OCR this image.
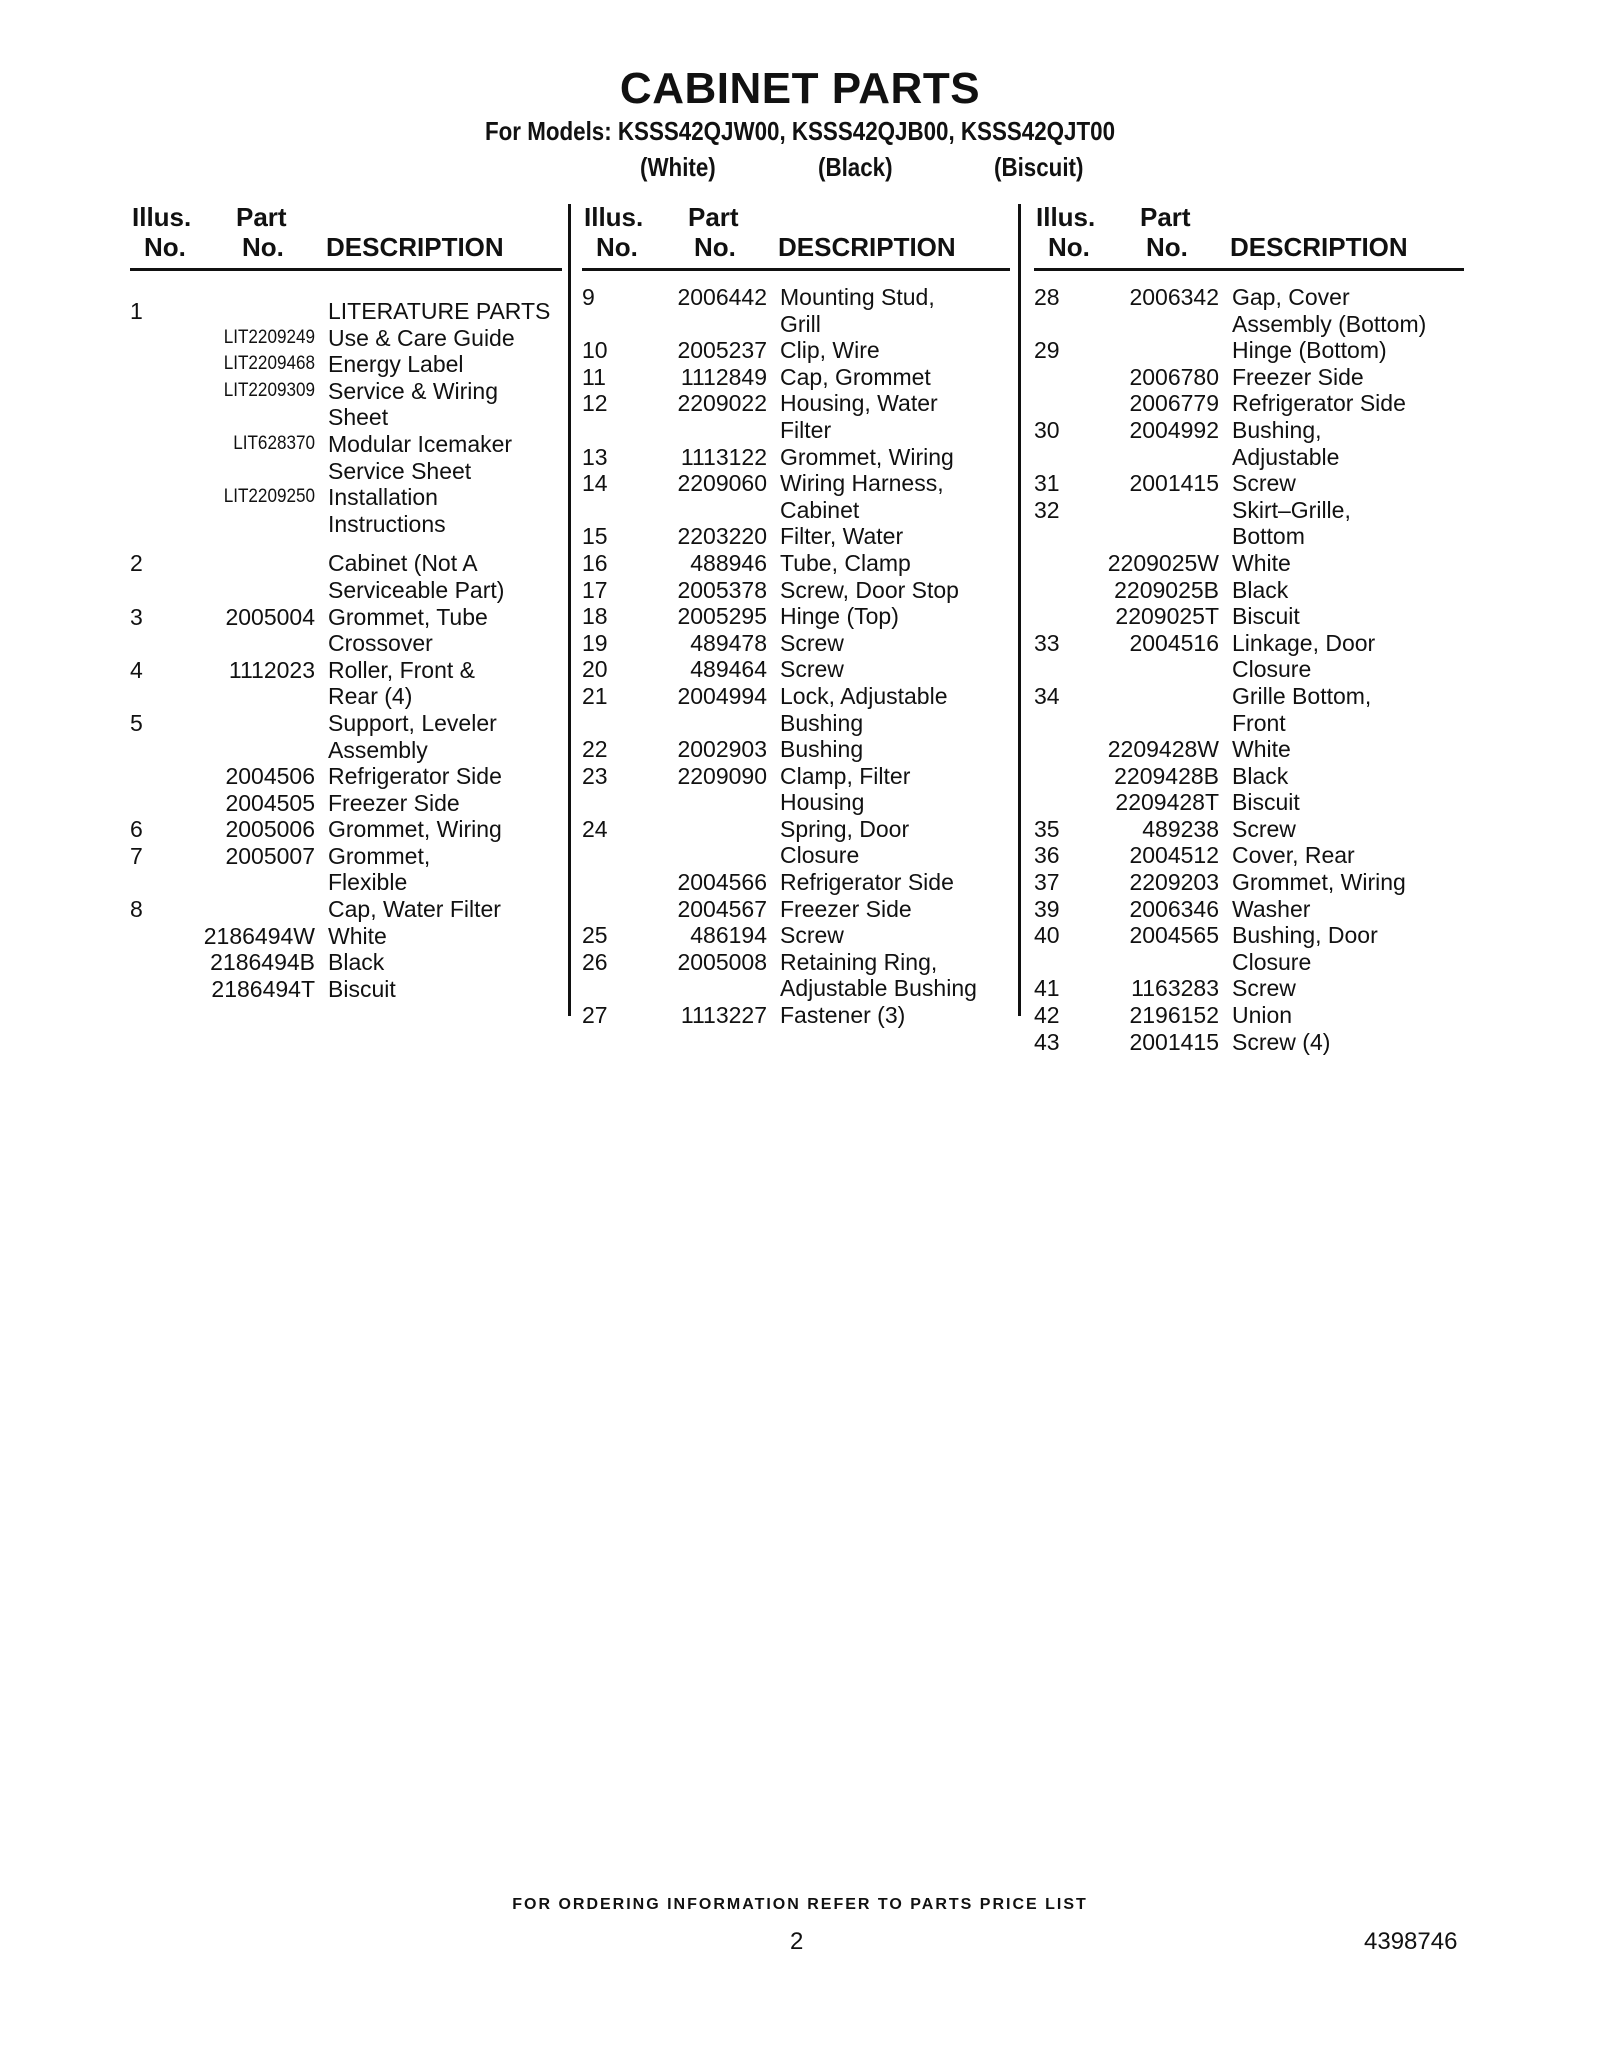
CABINET PARTS
For Models: KSSS42QJW00, KSSS42QJB00, KSSS42QJT00
(White)	(Black)	(Biscuit)
Illus.
No.
Part
No. DESCRIPTION
1	LITERATURE PARTS
LIT2209249 Use & Care Guide
LIT2209468 Energy Label
LIT2209309 Service & Wiring
Sheet
LIT628370 Modular Icemaker
Service Sheet
LIT2209250 Installation
Instructions
2	Cabinet (Not A
Serviceable Part)
3	2005004 Grommet, Tube
Crossover
4	1112023 Roller, Front &
Rear (4)
5	Support, Leveler
Assembly
2004506 Refrigerator Side
2004505 Freezer Side
6	2005006 Grommet, Wiring
7	2005007 Grommet,
Flexible
8	Cap, Water Filter
2186494W White
2186494B Black
2186494T Biscuit
Illus.
No.
Part
No. DESCRIPTION
9	2006442 Mounting Stud,
Grill
10	2005237 Clip, Wire
11	1112849 Cap, Grommet
12	2209022 Housing, Water
Filter
13	1113122 Grommet, Wiring
14	2209060 Wiring Harness,
Cabinet
15	2203220 Filter, Water
16	488946 Tube, Clamp
17	2005378 Screw, Door Stop
18	2005295 Hinge (Top)
19	489478 Screw
20	489464 Screw
21	2004994 Lock, Adjustable
Bushing
22	2002903 Bushing
23	2209090 Clamp, Filter
Housing
24	Spring, Door
Closure
2004566 Refrigerator Side
2004567 Freezer Side
25	486194 Screw
26	2005008 Retaining Ring,
Adjustable Bushing
27	1113227 Fastener (3)
Illus.
No.
Part
No. DESCRIPTION
28	2006342 Gap, Cover
Assembly (Bottom)
29	Hinge (Bottom)
2006780 Freezer Side
2006779 Refrigerator Side
30	2004992 Bushing,
Adjustable
31	2001415 Screw
32	Skirt–Grille,
Bottom
2209025W White
2209025B Black
2209025T Biscuit
33	2004516 Linkage, Door
Closure
34	Grille Bottom,
Front
2209428W White
2209428B Black
2209428T Biscuit
35	489238 Screw
36	2004512 Cover, Rear
37	2209203 Grommet, Wiring
39	2006346 Washer
40	2004565 Bushing, Door
Closure
41	1163283 Screw
42	2196152 Union
43	2001415 Screw (4)
FOR ORDERING INFORMATION REFER TO PARTS PRICE LIST
2	4398746
